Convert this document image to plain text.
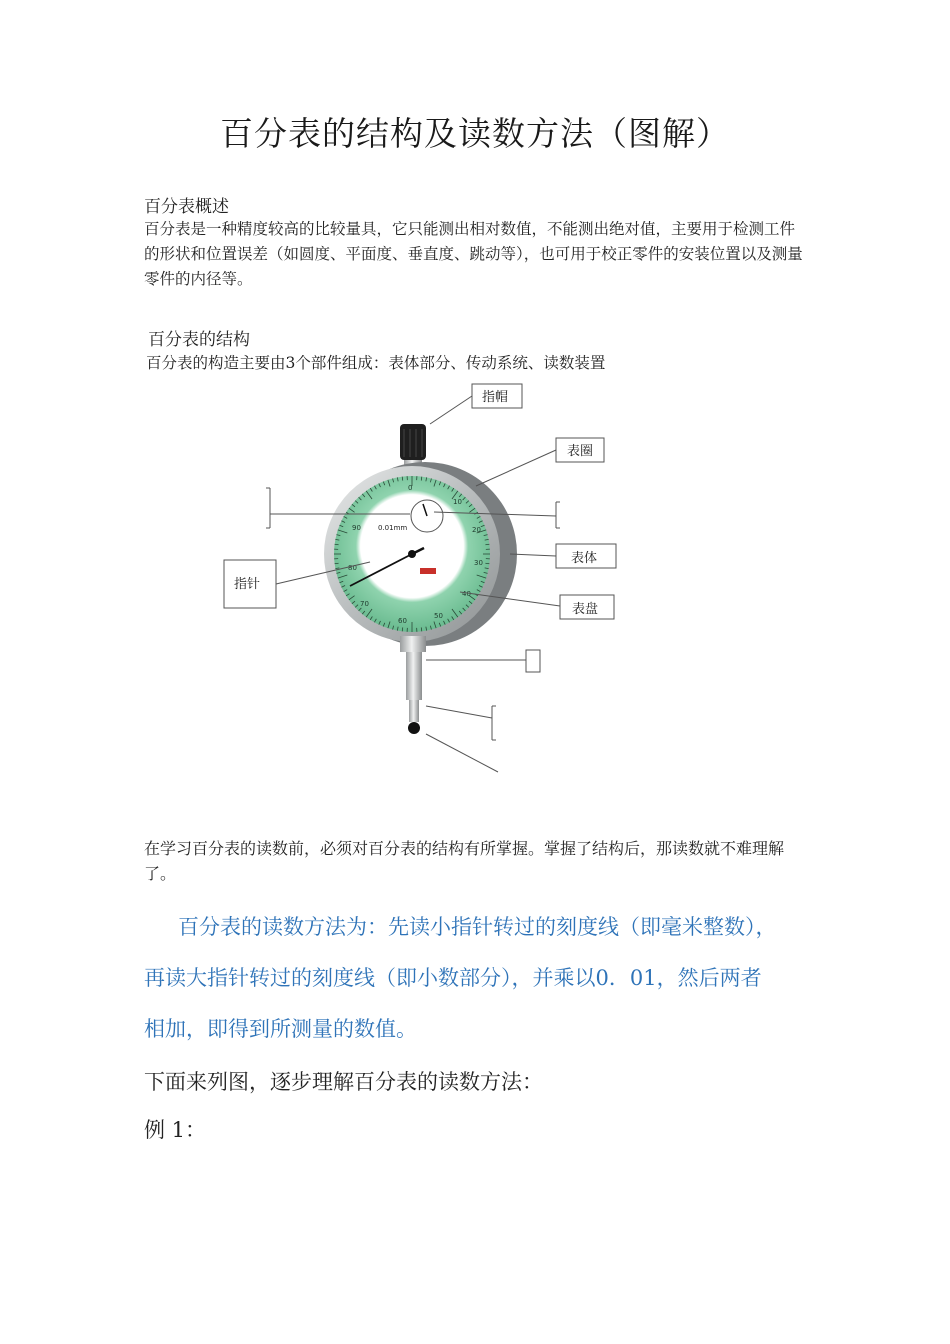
百分表的结构及读数方法（图解）
百分表概述
百分表是一种精度较高的比较量具，它只能测出相对数值，不能测出绝对值，主要用于检测工件的形状和位置误差（如圆度、平面度、垂直度、跳动等），也可用于校正零件的安装位置以及测量零件的内径等。
百分表的结构
百分表的构造主要由3个部件组成：表体部分、传动系统、读数装置
0
10
20
30
40
50
60
70
80
90 0.01mm
指帽
表圈
表体
表盘
指针
在学习百分表的读数前，必须对百分表的结构有所掌握。掌握了结构后，那读数就不难理解了。
百分表的读数方法为：先读小指针转过的刻度线（即毫米整数），
再读大指针转过的刻度线（即小数部分），并乘以0．01，然后两者
相加，即得到所测量的数值。
下面来列图，逐步理解百分表的读数方法：
例 1：
